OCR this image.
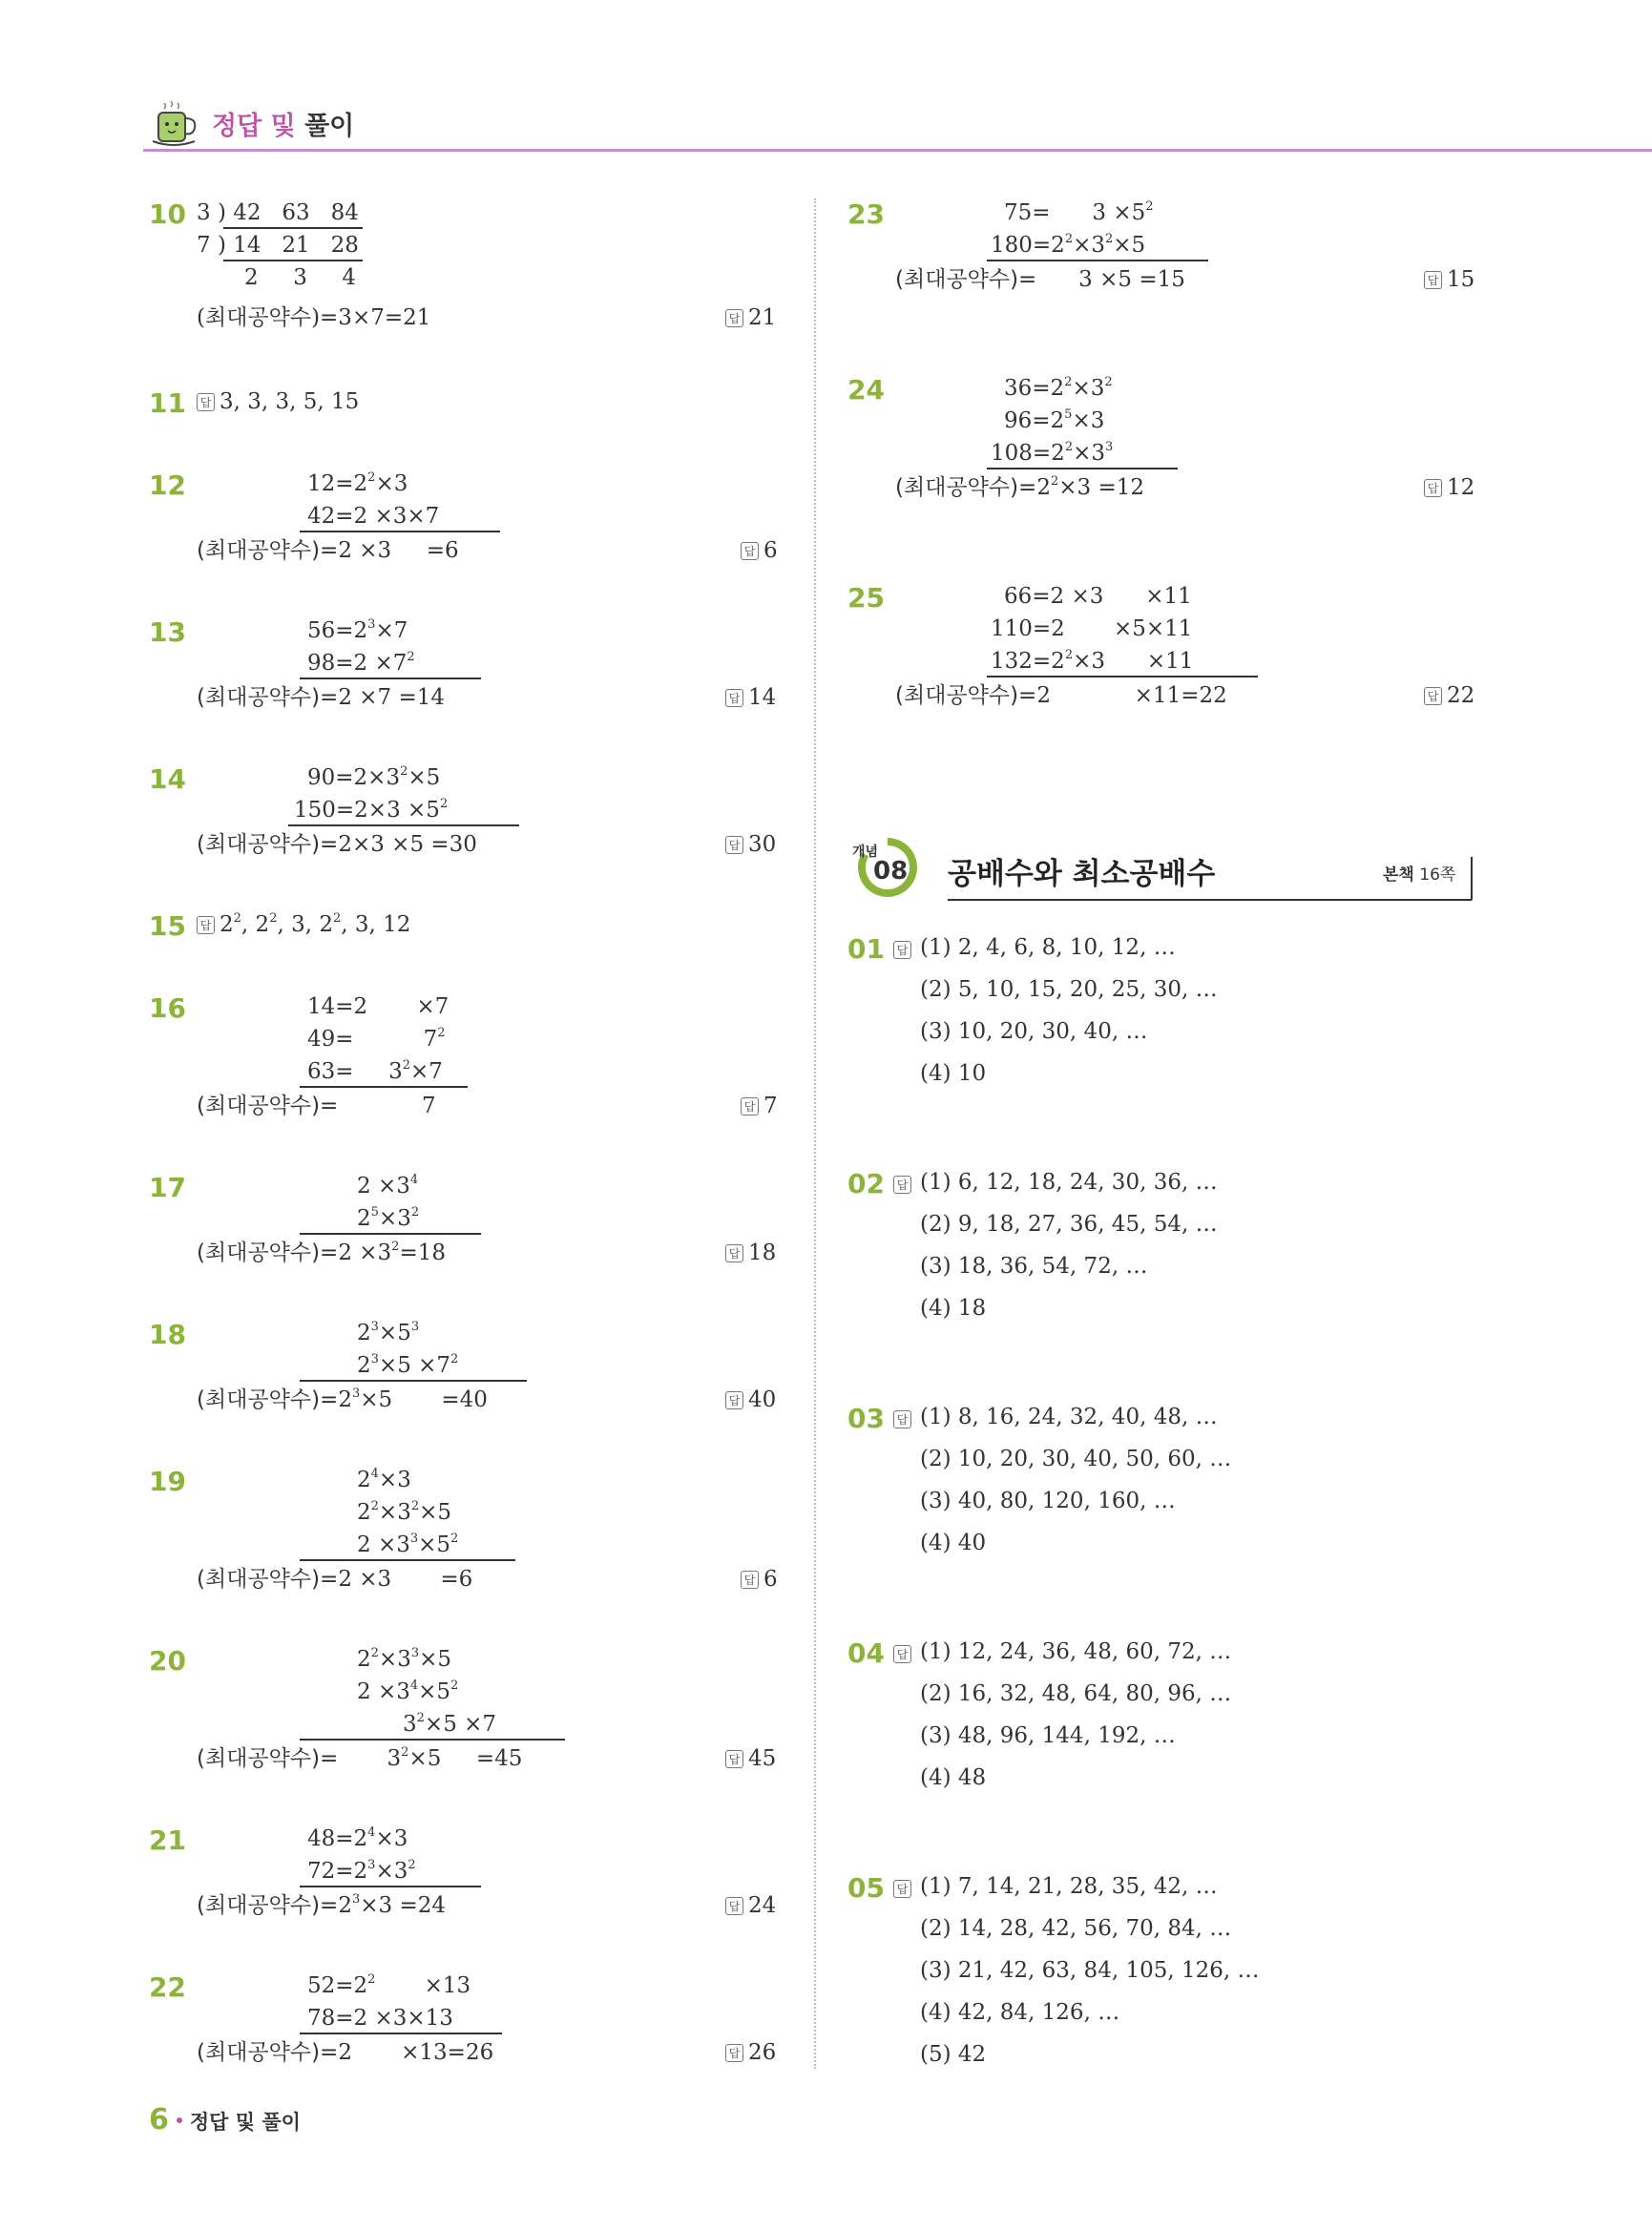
정답 및 풀이
10 3 ) 42   63   84
7 ) 14   21   28
2     3     4
(최대공약수)=3×7=21	답 21
11	답 3, 3, 3, 5, 15
12	$12=2^2\times 3$
42=2 ×3×7
(최대공약수)=2 ×3     =6	답 6
13	$56=2^3\times 7$
$98=2 \times 7^2$
(최대공약수)=2 ×7 =14	답 14
14	$90=2\times 3^2\times 5$
$150=2\times 3 \times 5^2$
(최대공약수)=2×3 ×5 =30	답 30
15	답 $2^2$, $2^2$, 3, $2^2$, 3, 12
16	14=2       ×7
49=          $7^2$
63=     $3^2\times 7$
(최대공약수)=            7	답 7
17	$2 \times 3^4$
$2^5\times 3^2$
(최대공약수)$=2 \times 3^2=18$	답 18
18	$2^3\times 5^3$
$2^3\times 5 \times 7^2$
(최대공약수)$=2^3\times 5$       =40	답 40
19	$2^4\times 3$
$2^2\times 3^2\times 5$
$2 \times 3^3\times 5^2$
(최대공약수)=2 ×3       =6	답 6
20	$2^2\times 3^3\times 5$
$2 \times 3^4\times 5^2$
$3^2\times 5 \times 7$
(최대공약수)=       $3^2\times 5$     =45	답 45
21	$48=2^4\times 3$
$72=2^3\times 3^2$
(최대공약수)$=2^3\times 3 =24$	답 24
22	$52=2^2$       ×13
78=2 ×3×13
(최대공약수)=2       ×13=26	답 26
23	75=      $3 \times 5^2$
$180=2^2\times 3^2\times 5$
(최대공약수)=      3 ×5 =15	답 15
24	$36=2^2\times 3^2$
$96=2^5\times 3$
$108=2^2\times 3^3$
(최대공약수)$=2^2\times 3 =12$	답 12
25	66=2 ×3      ×11
110=2       ×5×11
$132=2^2\times 3$      ×11
(최대공약수)=2            ×11=22	답 22
개념
08 공배수와 최소공배수	본책 16쪽
01	답 (1) 2, 4, 6, 8, 10, 12, …
(2) 5, 10, 15, 20, 25, 30, …
(3) 10, 20, 30, 40, …
(4) 10
02	답 (1) 6, 12, 18, 24, 30, 36, …
(2) 9, 18, 27, 36, 45, 54, …
(3) 18, 36, 54, 72, …
(4) 18
03	답 (1) 8, 16, 24, 32, 40, 48, …
(2) 10, 20, 30, 40, 50, 60, …
(3) 40, 80, 120, 160, …
(4) 40
04	답 (1) 12, 24, 36, 48, 60, 72, …
(2) 16, 32, 48, 64, 80, 96, …
(3) 48, 96, 144, 192, …
(4) 48
05	답 (1) 7, 14, 21, 28, 35, 42, …
(2) 14, 28, 42, 56, 70, 84, …
(3) 21, 42, 63, 84, 105, 126, …
(4) 42, 84, 126, …
(5) 42
6 정답 및 풀이
